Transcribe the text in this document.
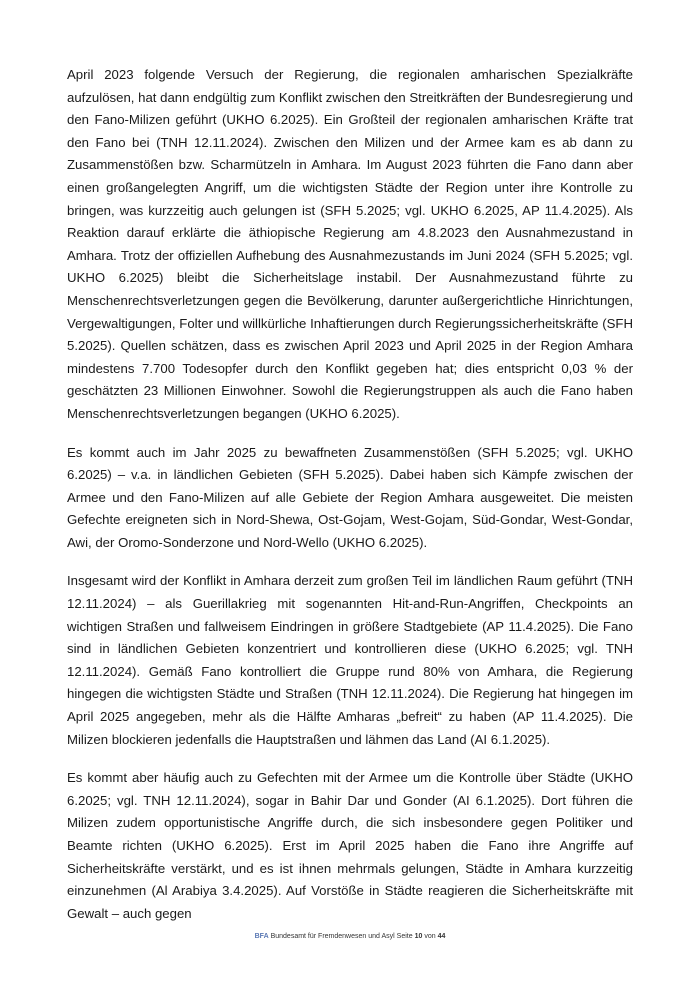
April 2023 folgende Versuch der Regierung, die regionalen amharischen Spezialkräfte aufzulösen, hat dann endgültig zum Konflikt zwischen den Streitkräften der Bundesregierung und den Fano-Milizen geführt (UKHO 6.2025). Ein Großteil der regionalen amharischen Kräfte trat den Fano bei (TNH 12.11.2024). Zwischen den Milizen und der Armee kam es ab dann zu Zusammenstößen bzw. Scharmützeln in Amhara. Im August 2023 führten die Fano dann aber einen großangelegten Angriff, um die wichtigsten Städte der Region unter ihre Kontrolle zu bringen, was kurzzeitig auch gelungen ist (SFH 5.2025; vgl. UKHO 6.2025, AP 11.4.2025). Als Reaktion darauf erklärte die äthiopische Regierung am 4.8.2023 den Ausnahmezustand in Amhara. Trotz der offiziellen Aufhebung des Ausnahmezustands im Juni 2024 (SFH 5.2025; vgl. UKHO 6.2025) bleibt die Sicherheitslage instabil. Der Ausnahmezustand führte zu Menschenrechtsverletzungen gegen die Bevölkerung, darunter außergerichtliche Hinrichtungen, Vergewaltigungen, Folter und willkürliche Inhaftierungen durch Regierungssicherheitskräfte (SFH 5.2025). Quellen schätzen, dass es zwischen April 2023 und April 2025 in der Region Amhara mindestens 7.700 Todesopfer durch den Konflikt gegeben hat; dies entspricht 0,03 % der geschätzten 23 Millionen Einwohner. Sowohl die Regierungstruppen als auch die Fano haben Menschenrechtsverletzungen begangen (UKHO 6.2025).

Es kommt auch im Jahr 2025 zu bewaffneten Zusammenstößen (SFH 5.2025; vgl. UKHO 6.2025) – v.a. in ländlichen Gebieten (SFH 5.2025). Dabei haben sich Kämpfe zwischen der Armee und den Fano-Milizen auf alle Gebiete der Region Amhara ausgeweitet. Die meisten Gefechte ereigneten sich in Nord-Shewa, Ost-Gojam, West-Gojam, Süd-Gondar, West-Gondar, Awi, der Oromo-Sonderzone und Nord-Wello (UKHO 6.2025).

Insgesamt wird der Konflikt in Amhara derzeit zum großen Teil im ländlichen Raum geführt (TNH 12.11.2024) – als Guerillakrieg mit sogenannten Hit-and-Run-Angriffen, Checkpoints an wichtigen Straßen und fallweisem Eindringen in größere Stadtgebiete (AP 11.4.2025). Die Fano sind in ländlichen Gebieten konzentriert und kontrollieren diese (UKHO 6.2025; vgl. TNH 12.11.2024). Gemäß Fano kontrolliert die Gruppe rund 80% von Amhara, die Regierung hingegen die wichtigsten Städte und Straßen (TNH 12.11.2024). Die Regierung hat hingegen im April 2025 angegeben, mehr als die Hälfte Amharas „befreit“ zu haben (AP 11.4.2025). Die Milizen blockieren jedenfalls die Hauptstraßen und lähmen das Land (AI 6.1.2025).

Es kommt aber häufig auch zu Gefechten mit der Armee um die Kontrolle über Städte (UKHO 6.2025; vgl. TNH 12.11.2024), sogar in Bahir Dar und Gonder (AI 6.1.2025). Dort führen die Milizen zudem opportunistische Angriffe durch, die sich insbesondere gegen Politiker und Beamte richten (UKHO 6.2025). Erst im April 2025 haben die Fano ihre Angriffe auf Sicherheitskräfte verstärkt, und es ist ihnen mehrmals gelungen, Städte in Amhara kurzzeitig einzunehmen (Al Arabiya 3.4.2025). Auf Vorstöße in Städte reagieren die Sicherheitskräfte mit Gewalt – auch gegen

BFA Bundesamt für Fremdenwesen und Asyl Seite 10 von 44
